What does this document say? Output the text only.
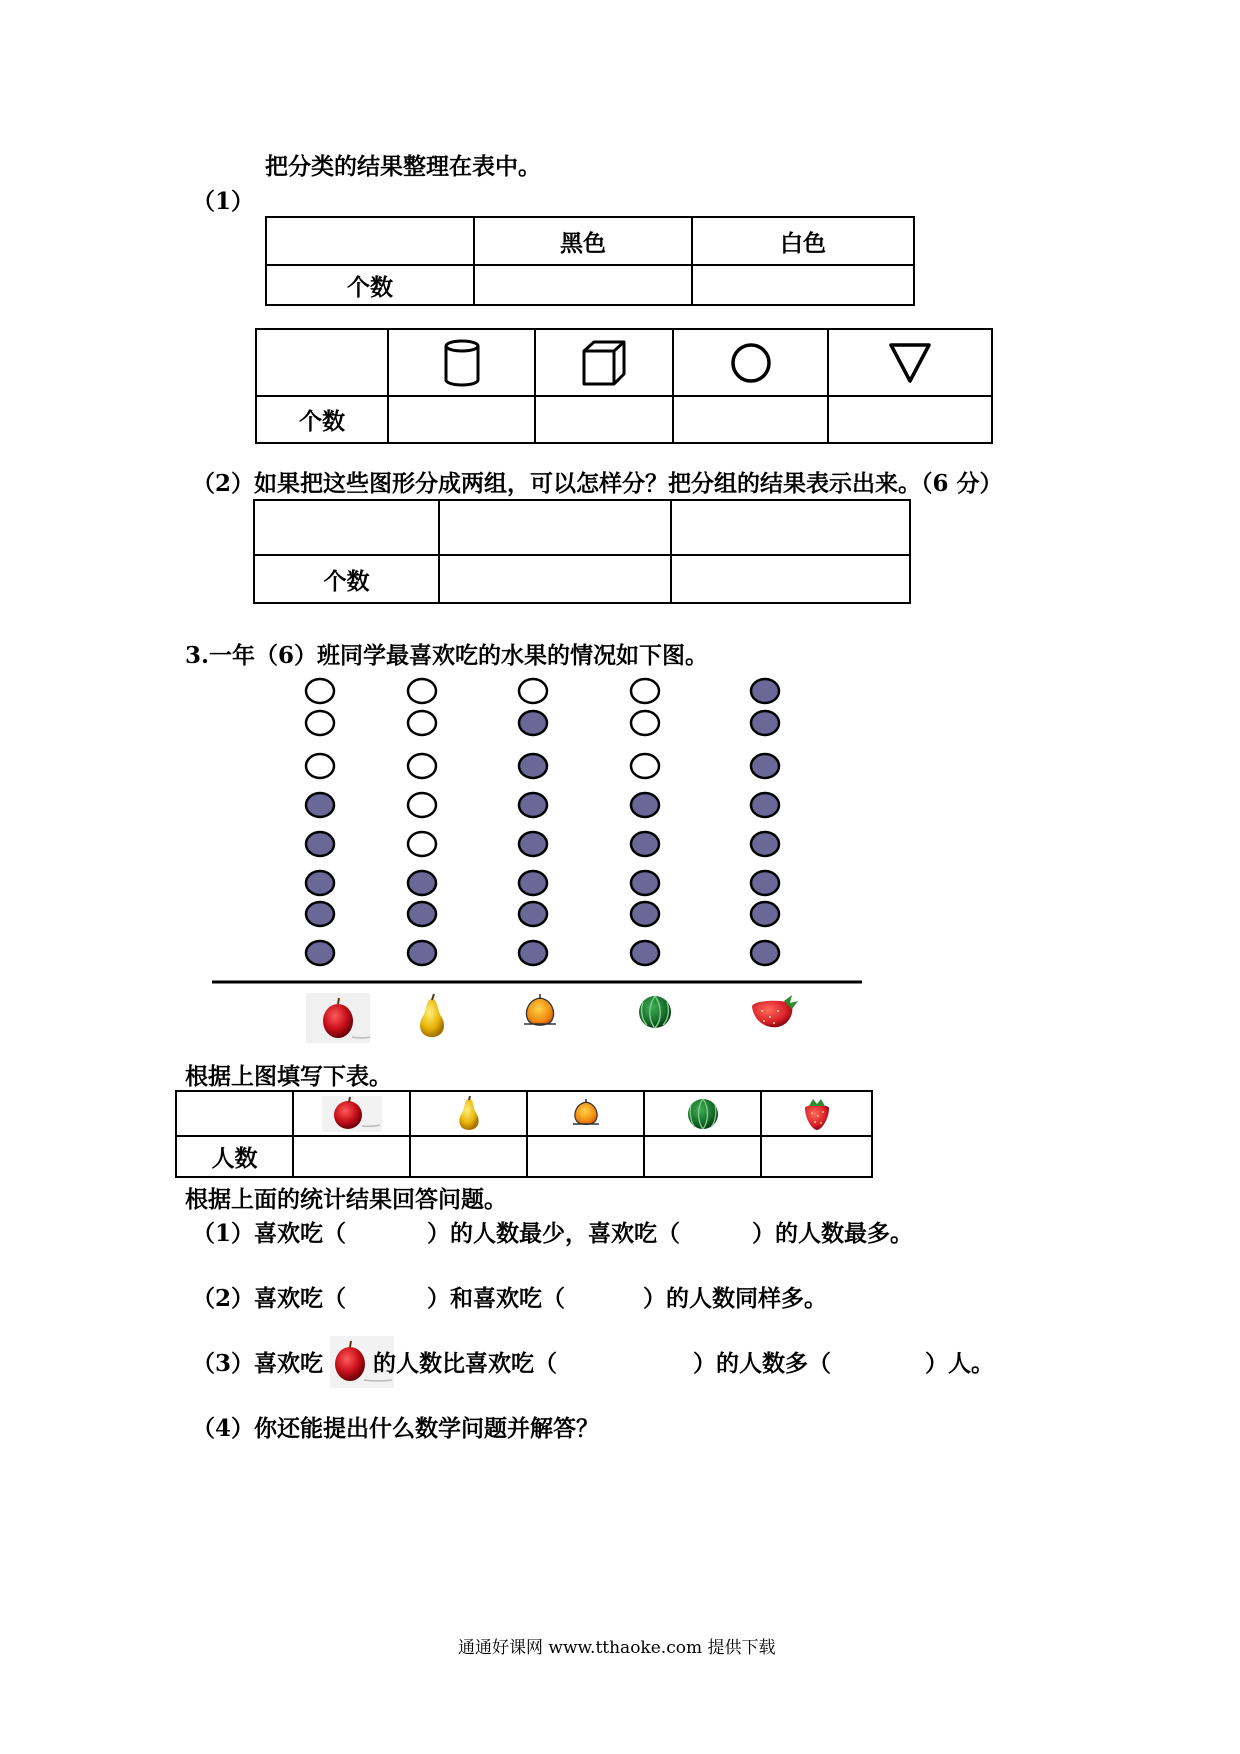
把分类的结果整理在表中。
（1）
	黑色	白色
个数		

个数				
（2）如果把这些图形分成两组，可以怎样分？把分组的结果表示出来。（6 分）

个数		
3.一年（6）班同学最喜欢吃的水果的情况如下图。
根据上图填写下表。

人数					
根据上面的统计结果回答问题。
（1）喜欢吃（	）的人数最少，喜欢吃（	）的人数最多。
（2）喜欢吃（	）和喜欢吃（	）的人数同样多。
（3）喜欢吃 的人数比喜欢吃（	）的人数多（	）人。
（4）你还能提出什么数学问题并解答？
通通好课网 www.tthaoke.com 提供下载
